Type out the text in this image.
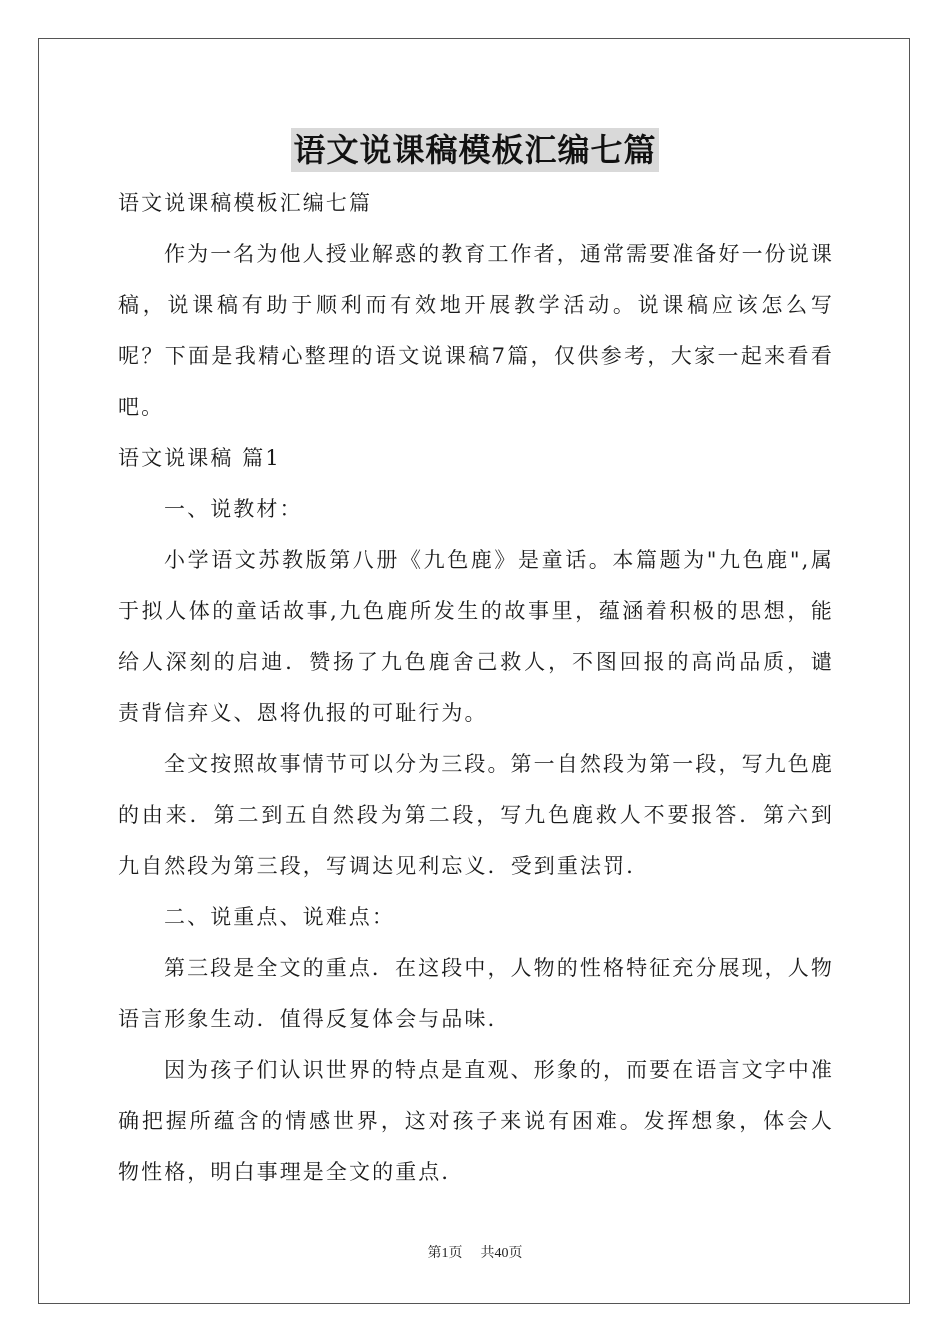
语文说课稿模板汇编七篇

语文说课稿模板汇编七篇

作为一名为他人授业解惑的教育工作者，通常需要准备好一份说课稿，说课稿有助于顺利而有效地开展教学活动。说课稿应该怎么写呢？下面是我精心整理的语文说课稿7篇，仅供参考，大家一起来看看吧。

语文说课稿 篇1

一、说教材：

小学语文苏教版第八册《九色鹿》是童话。本篇题为"九色鹿",属于拟人体的童话故事,九色鹿所发生的故事里，蕴涵着积极的思想，能给人深刻的启迪．赞扬了九色鹿舍己救人，不图回报的高尚品质，谴责背信弃义、恩将仇报的可耻行为。

全文按照故事情节可以分为三段。第一自然段为第一段，写九色鹿的由来．第二到五自然段为第二段，写九色鹿救人不要报答．第六到九自然段为第三段，写调达见利忘义．受到重法罚．

二、说重点、说难点：

第三段是全文的重点．在这段中，人物的性格特征充分展现，人物语言形象生动．值得反复体会与品味．

因为孩子们认识世界的特点是直观、形象的，而要在语言文字中准确把握所蕴含的情感世界，这对孩子来说有困难。发挥想象，体会人物性格，明白事理是全文的重点．

第1页 共40页
